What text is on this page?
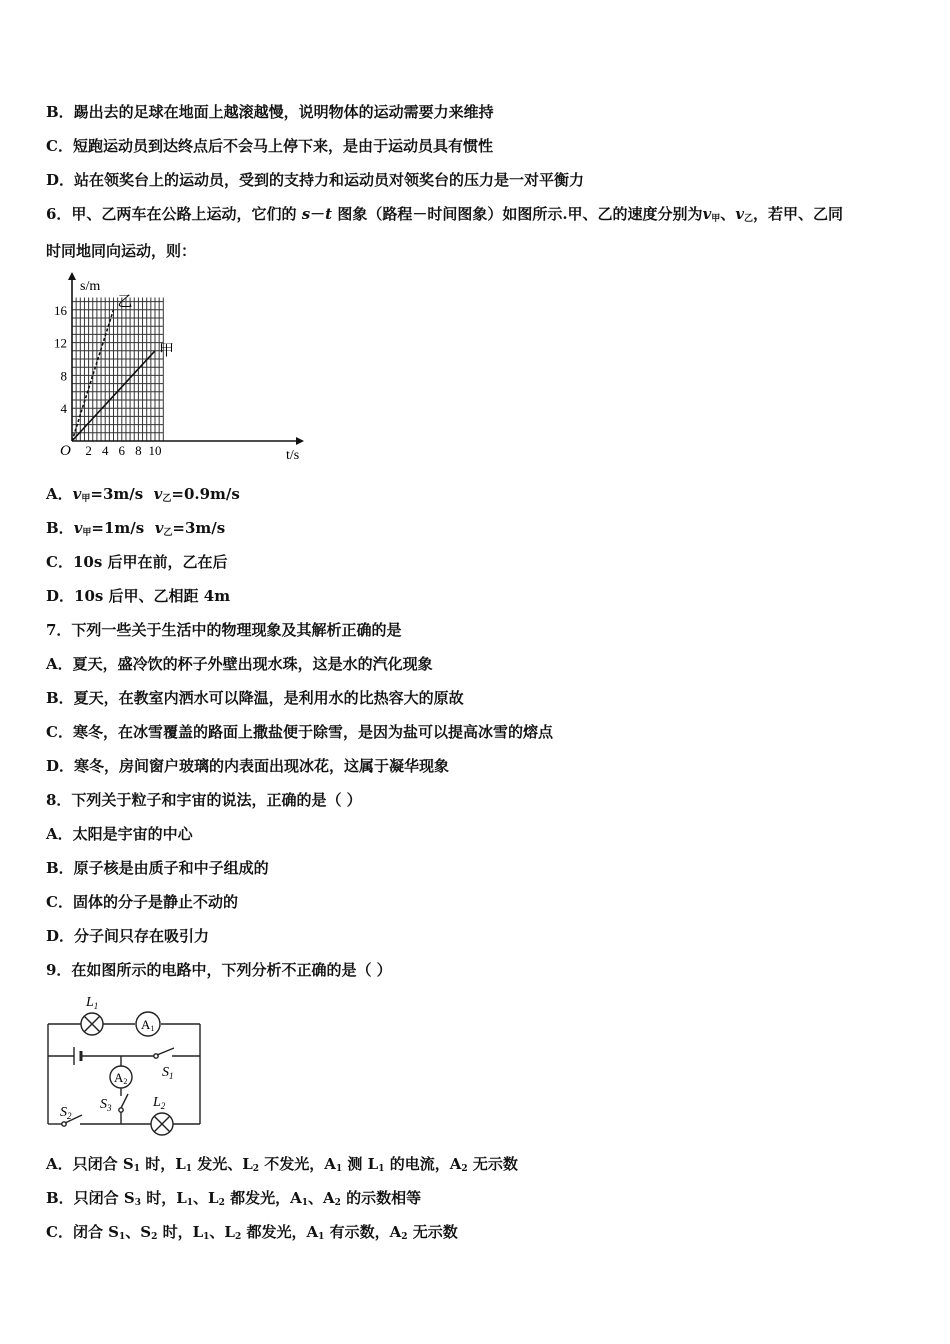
B．踢出去的足球在地面上越滚越慢，说明物体的运动需要力来维持
C．短跑运动员到达终点后不会马上停下来，是由于运动员具有惯性
D．站在领奖台上的运动员，受到的支持力和运动员对领奖台的压力是一对平衡力
6．甲、乙两车在公路上运动，它们的 s－t 图象（路程－时间图象）如图所示.甲、乙的速度分别为$v_甲$、$v_乙$，若甲、乙同
时同地同向运动，则：
2 4 6 8 10
4
8
12
16
O
s/m
t/s
乙
甲
A．$v_甲=3m/s$ $v_乙=0.9m/s$
B．$v_甲=1m/s$ $v_乙=3m/s$
C．10s 后甲在前，乙在后
D．10s 后甲、乙相距 4m
7．下列一些关于生活中的物理现象及其解析正确的是
A．夏天，盛冷饮的杯子外壁出现水珠，这是水的汽化现象
B．夏天，在教室内洒水可以降温，是利用水的比热容大的原故
C．寒冬，在冰雪覆盖的路面上撒盐便于除雪，是因为盐可以提高冰雪的熔点
D．寒冬，房间窗户玻璃的内表面出现冰花，这属于凝华现象
8．下列关于粒子和宇宙的说法，正确的是（ ）
A．太阳是宇宙的中心
B．原子核是由质子和中子组成的
C．固体的分子是静止不动的
D．分子间只存在吸引力
9．在如图所示的电路中，下列分析不正确的是（ ）
$L_1$
A1
$S_1$
A2
$S_3$
$S_2$
$L_2$
A．只闭合 $S_1$ 时，$L_1$ 发光、$L_2$ 不发光，$A_1$ 测 $L_1$ 的电流，$A_2$ 无示数
B．只闭合 $S_3$ 时，$L_1$、$L_2$ 都发光，$A_1$、$A_2$ 的示数相等
C．闭合 $S_1$、$S_2$ 时，$L_1$、$L_2$ 都发光，$A_1$ 有示数，$A_2$ 无示数
